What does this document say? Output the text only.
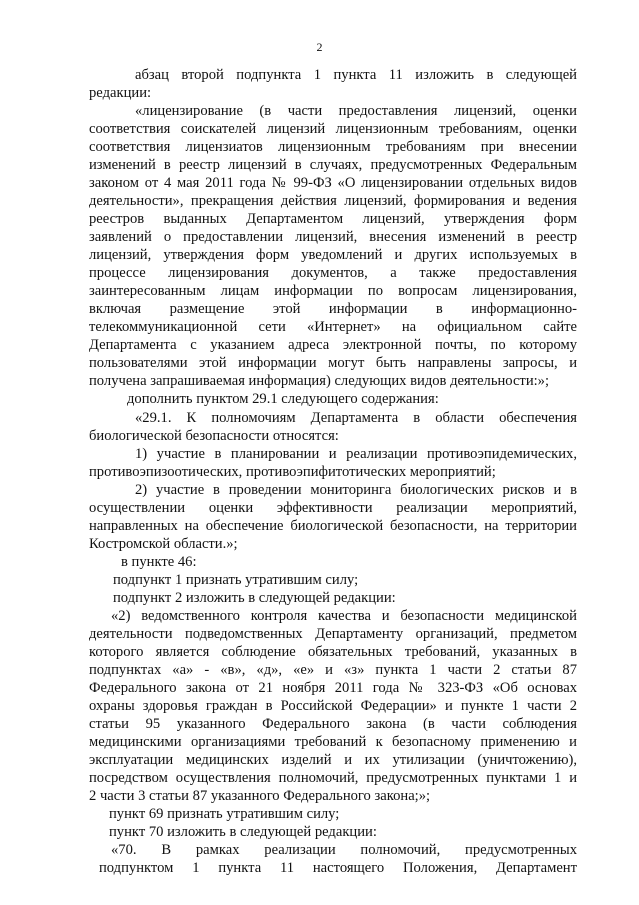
2
абзац второй подпункта 1 пункта 11 изложить в следующей
редакции:
«лицензирование (в части предоставления лицензий, оценки
соответствия соискателей лицензий лицензионным требованиям, оценки
соответствия лицензиатов лицензионным требованиям при внесении
изменений в реестр лицензий в случаях, предусмотренных Федеральным
законом от 4 мая 2011 года № 99-ФЗ «О лицензировании отдельных видов
деятельности», прекращения действия лицензий, формирования и ведения
реестров выданных Департаментом лицензий, утверждения форм
заявлений о предоставлении лицензий, внесения изменений в реестр
лицензий, утверждения форм уведомлений и других используемых в
процессе лицензирования документов, а также предоставления
заинтересованным лицам информации по вопросам лицензирования,
включая размещение этой информации в информационно-
телекоммуникационной сети «Интернет» на официальном сайте
Департамента с указанием адреса электронной почты, по которому
пользователями этой информации могут быть направлены запросы, и
получена запрашиваемая информация) следующих видов деятельности:»;
дополнить пунктом 29.1 следующего содержания:
«29.1. К полномочиям Департамента в области обеспечения
биологической безопасности относятся:
1) участие в планировании и реализации противоэпидемических,
противоэпизоотических, противоэпифитотических мероприятий;
2) участие в проведении мониторинга биологических рисков и в
осуществлении оценки эффективности реализации мероприятий,
направленных на обеспечение биологической безопасности, на территории
Костромской области.»;
в пункте 46:
подпункт 1 признать утратившим силу;
подпункт 2 изложить в следующей редакции:
«2) ведомственного контроля качества и безопасности медицинской
деятельности подведомственных Департаменту организаций, предметом
которого является соблюдение обязательных требований, указанных в
подпунктах «а» - «в», «д», «е» и «з» пункта 1 части 2 статьи 87
Федерального закона от 21 ноября 2011 года № 323-ФЗ «Об основах
охраны здоровья граждан в Российской Федерации» и пункте 1 части 2
статьи 95 указанного Федерального закона (в части соблюдения
медицинскими организациями требований к безопасному применению и
эксплуатации медицинских изделий и их утилизации (уничтожению),
посредством осуществления полномочий, предусмотренных пунктами 1 и
2 части 3 статьи 87 указанного Федерального закона;»;
пункт 69 признать утратившим силу;
пункт 70 изложить в следующей редакции:
«70. В рамках реализации полномочий, предусмотренных
подпунктом 1 пункта 11 настоящего Положения, Департамент
